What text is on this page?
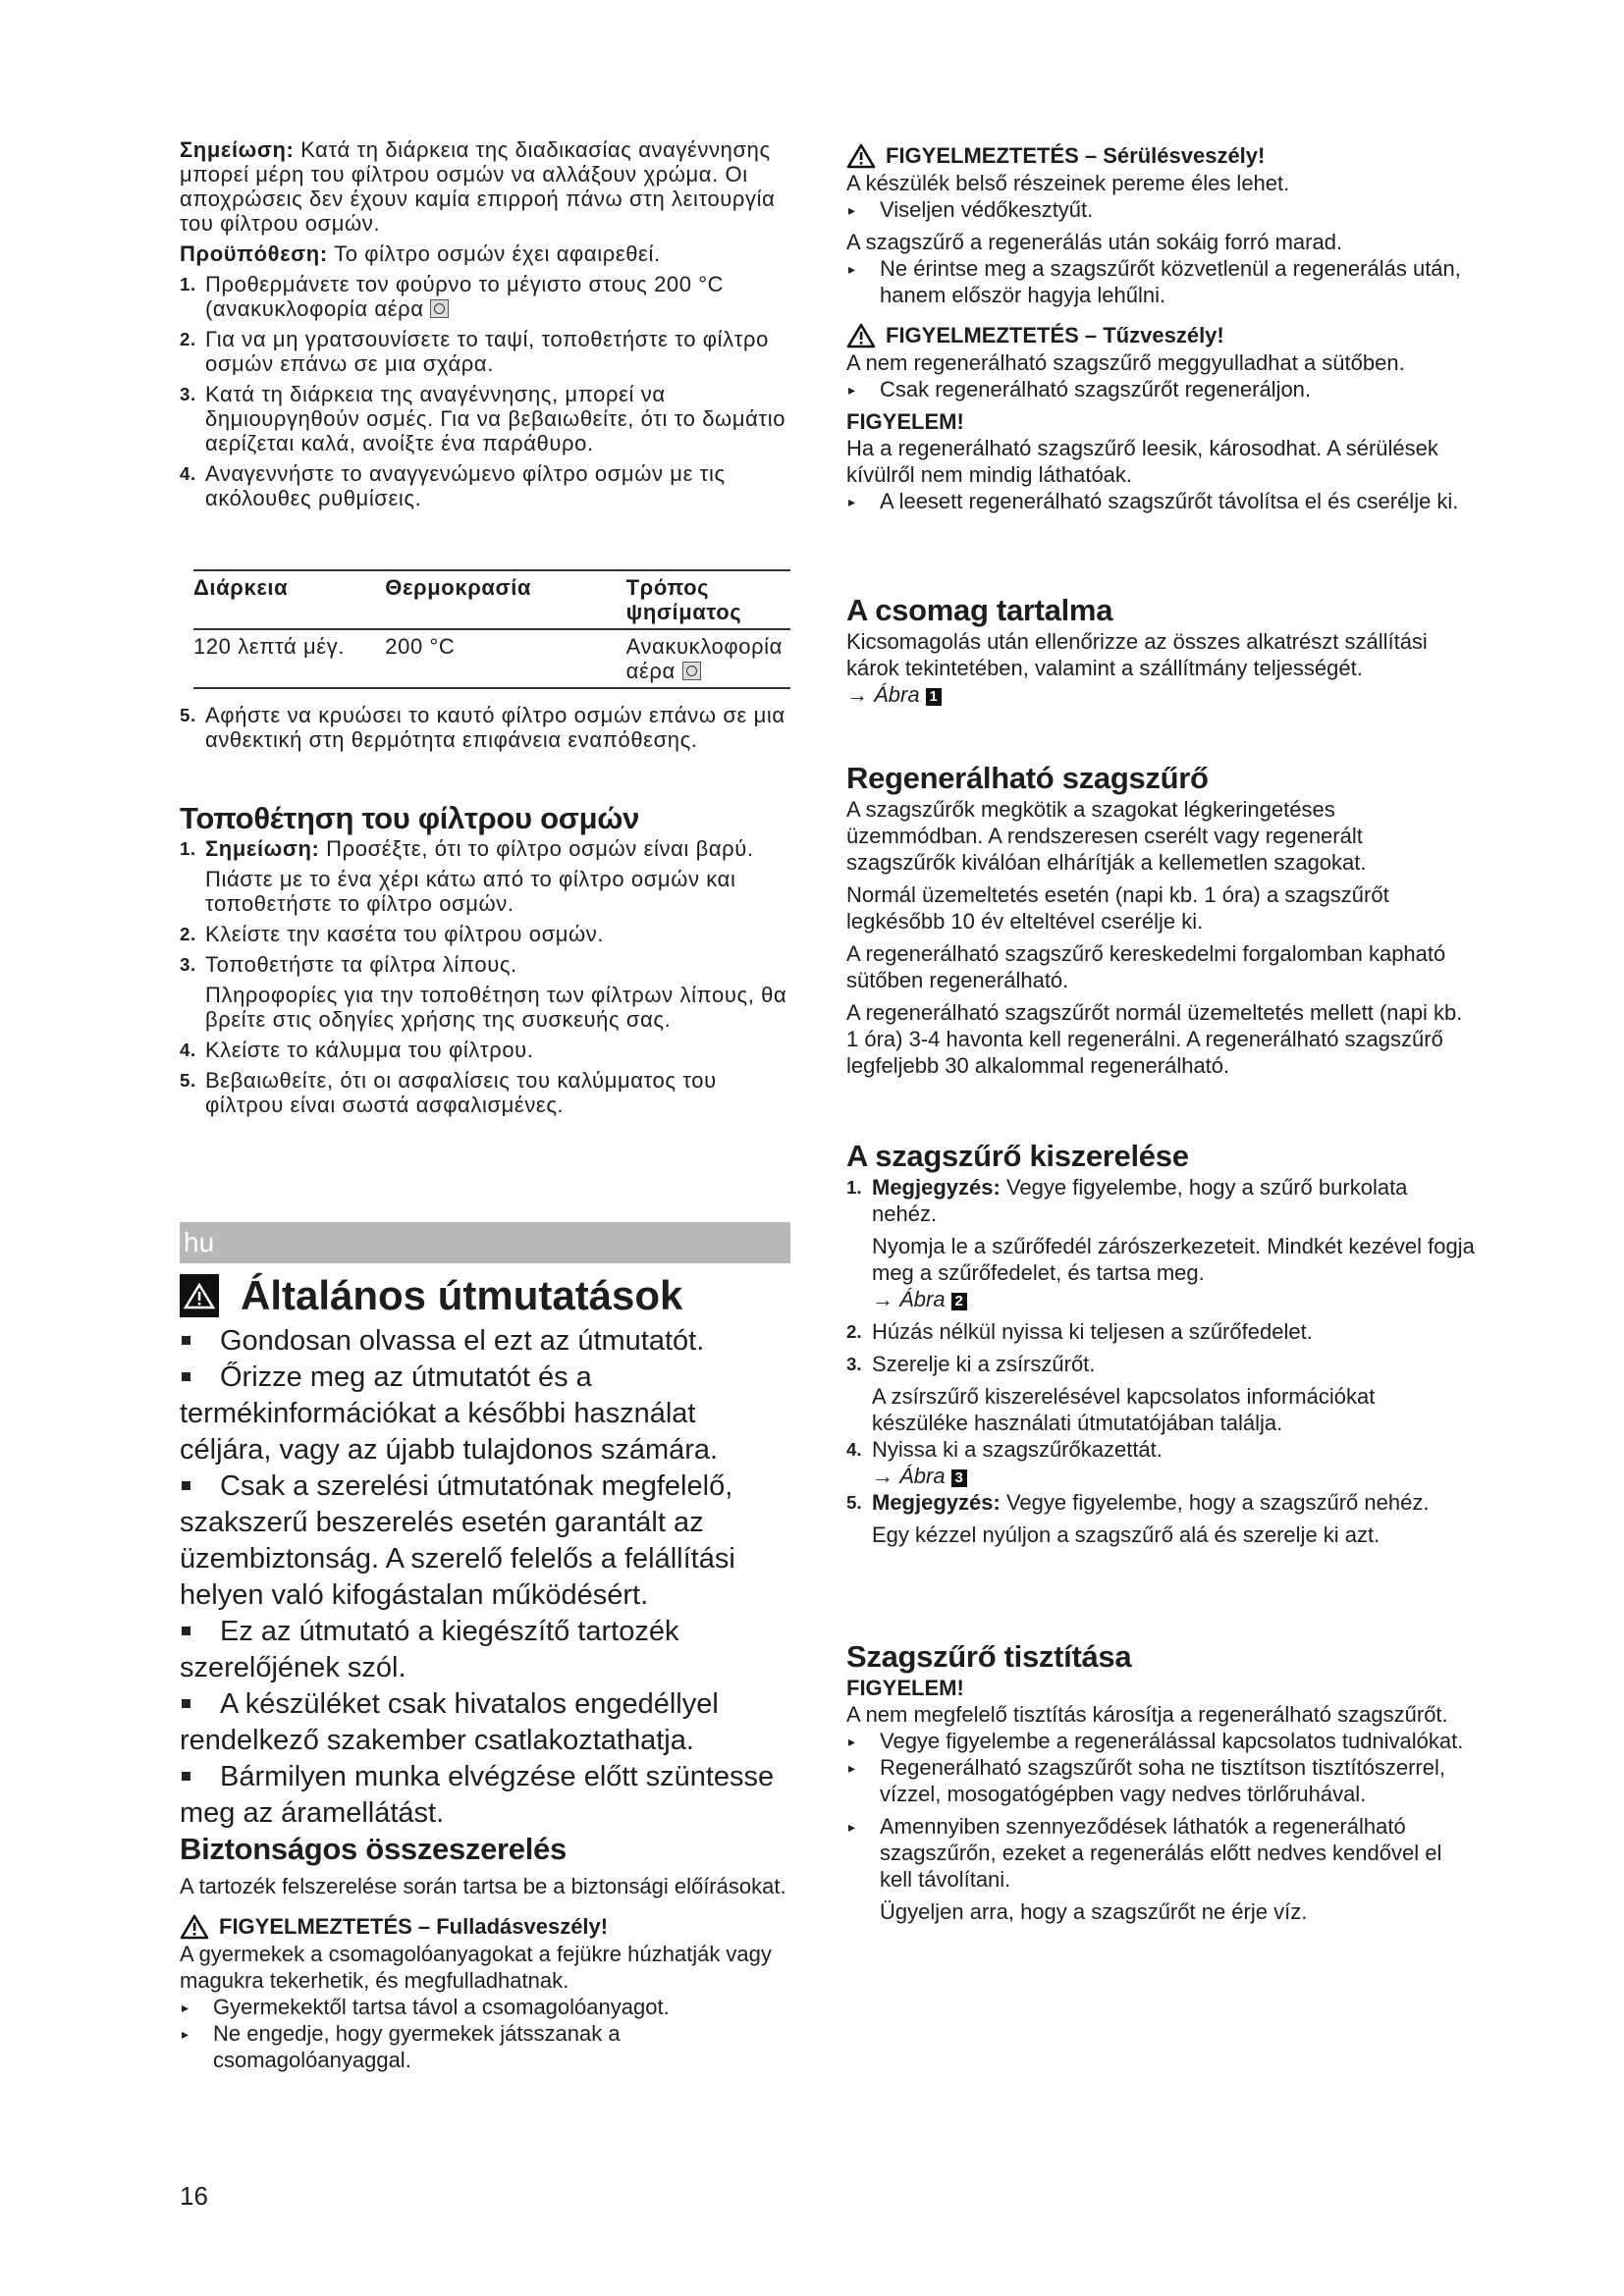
Σημείωση: Κατά τη διάρκεια της διαδικασίας αναγέννησης μπορεί μέρη του φίλτρου οσμών να αλλάξουν χρώμα. Οι αποχρώσεις δεν έχουν καμία επιρροή πάνω στη λειτουργία του φίλτρου οσμών.

Προϋπόθεση: Το φίλτρο οσμών έχει αφαιρεθεί.

1. Προθερμάνετε τον φούρνο το μέγιστο στους 200 °C (ανακυκλοφορία αέρα
2. Για να μη γρατσουνίσετε το ταψί, τοποθετήστε το φίλτρο οσμών επάνω σε μια σχάρα.
3. Κατά τη διάρκεια της αναγέννησης, μπορεί να δημιουργηθούν οσμές. Για να βεβαιωθείτε, ότι το δωμάτιο αερίζεται καλά, ανοίξτε ένα παράθυρο.
4. Αναγεννήστε το αναγγενώμενο φίλτρο οσμών με τις ακόλουθες ρυθμίσεις.
Διάρκεια	Θερμοκρασία	Τρόπος ψησίματος
120 λεπτά μέγ.	200 °C	Ανακυκλοφορία αέρα
5. Αφήστε να κρυώσει το καυτό φίλτρο οσμών επάνω σε μια ανθεκτική στη θερμότητα επιφάνεια εναπόθεσης.
Τοποθέτηση του φίλτρου οσμών
1. Σημείωση: Προσέξτε, ότι το φίλτρο οσμών είναι βαρύ.

Πιάστε με το ένα χέρι κάτω από το φίλτρο οσμών και τοποθετήστε το φίλτρο οσμών.

2. Κλείστε την κασέτα του φίλτρου οσμών.
3. Τοποθετήστε τα φίλτρα λίπους.

Πληροφορίες για την τοποθέτηση των φίλτρων λίπους, θα βρείτε στις οδηγίες χρήσης της συσκευής σας.

4. Κλείστε το κάλυμμα του φίλτρου.
5. Βεβαιωθείτε, ότι οι ασφαλίσεις του καλύμματος του φίλτρου είναι σωστά ασφαλισμένες.
hu
Általános útmutatások
Gondosan olvassa el ezt az útmutatót.
Őrizze meg az útmutatót és a termékinformációkat a későbbi használat céljára, vagy az újabb tulajdonos számára.
Csak a szerelési útmutatónak megfelelő, szakszerű beszerelés esetén garantált az üzembiztonság. A szerelő felelős a felállítási helyen való kifogástalan működésért.
Ez az útmutató a kiegészítő tartozék szerelőjének szól.
A készüléket csak hivatalos engedéllyel rendelkező szakember csatlakoztathatja.
Bármilyen munka elvégzése előtt szüntesse meg az áramellátást.
Biztonságos összeszerelés

A tartozék felszerelése során tartsa be a biztonsági előírásokat.

FIGYELMEZTETÉS – Fulladásveszély!

A gyermekek a csomagolóanyagokat a fejükre húzhatják vagy magukra tekerhetik, és megfulladhatnak.

▸ Gyermekektől tartsa távol a csomagolóanyagot.
▸ Ne engedje, hogy gyermekek játsszanak a csomagolóanyaggal.
16
FIGYELMEZTETÉS – Sérülésveszély!

A készülék belső részeinek pereme éles lehet.

▸ Viseljen védőkesztyűt.

A szagszűrő a regenerálás után sokáig forró marad.

▸ Ne érintse meg a szagszűrőt közvetlenül a regenerálás után, hanem először hagyja lehűlni.
FIGYELMEZTETÉS – Tűzveszély!

A nem regenerálható szagszűrő meggyulladhat a sütőben.

▸ Csak regenerálható szagszűrőt regeneráljon.

FIGYELEM!

Ha a regenerálható szagszűrő leesik, károsodhat. A sérülések kívülről nem mindig láthatóak.

▸ A leesett regenerálható szagszűrőt távolítsa el és cserélje ki.
A csomag tartalma

Kicsomagolás után ellenőrizze az összes alkatrészt szállítási károk tekintetében, valamint a szállítmány teljességét.

→ Ábra 1

Regenerálható szagszűrő

A szagszűrők megkötik a szagokat légkeringetéses üzemmódban. A rendszeresen cserélt vagy regenerált szagszűrők kiválóan elhárítják a kellemetlen szagokat.

Normál üzemeltetés esetén (napi kb. 1 óra) a szagszűrőt legkésőbb 10 év elteltével cserélje ki.

A regenerálható szagszűrő kereskedelmi forgalomban kapható sütőben regenerálható.

A regenerálható szagszűrőt normál üzemeltetés mellett (napi kb. 1 óra) 3-4 havonta kell regenerálni. A regenerálható szagszűrő legfeljebb 30 alkalommal regenerálható.

A szagszűrő kiszerelése
1. Megjegyzés: Vegye figyelembe, hogy a szűrő burkolata nehéz.

Nyomja le a szűrőfedél zárószerkezeteit. Mindkét kezével fogja meg a szűrőfedelet, és tartsa meg.

→ Ábra 2

2. Húzás nélkül nyissa ki teljesen a szűrőfedelet.
3. Szerelje ki a zsírszűrőt.

A zsírszűrő kiszerelésével kapcsolatos információkat készüléke használati útmutatójában találja.

4. Nyissa ki a szagszűrőkazettát.

→ Ábra 3

5. Megjegyzés: Vegye figyelembe, hogy a szagszűrő nehéz.

Egy kézzel nyúljon a szagszűrő alá és szerelje ki azt.

Szagszűrő tisztítása

FIGYELEM!

A nem megfelelő tisztítás károsítja a regenerálható szagszűrőt.

▸ Vegye figyelembe a regenerálással kapcsolatos tudnivalókat.
▸ Regenerálható szagszűrőt soha ne tisztítson tisztítószerrel, vízzel, mosogatógépben vagy nedves törlőruhával.
▸ Amennyiben szennyeződések láthatók a regenerálható szagszűrőn, ezeket a regenerálás előtt nedves kendővel el kell távolítani.

Ügyeljen arra, hogy a szagszűrőt ne érje víz.
